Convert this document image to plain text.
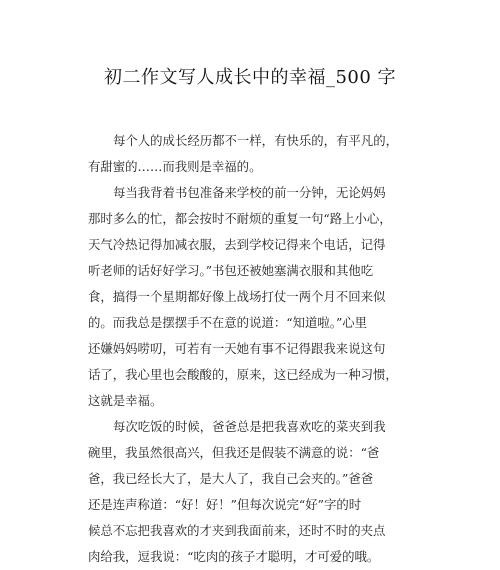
初二作文写人成长中的幸福_500 字
每个人的成长经历都不一样，有快乐的，有平凡的，
有甜蜜的……而我则是幸福的。
每当我背着书包准备来学校的前一分钟，无论妈妈
那时多么的忙，都会按时不耐烦的重复一句“路上小心，
天气冷热记得加减衣服，去到学校记得来个电话，记得
听老师的话好好学习。”书包还被她塞满衣服和其他吃
食，搞得一个星期都好像上战场打仗一两个月不回来似
的。而我总是摆摆手不在意的说道：“知道啦。”心里
还嫌妈妈唠叨，可若有一天她有事不记得跟我来说这句
话了，我心里也会酸酸的，原来，这已经成为一种习惯，
这就是幸福。
每次吃饭的时候，爸爸总是把我喜欢吃的菜夹到我
碗里，我虽然很高兴，但我还是假装不满意的说：“爸
爸，我已经长大了，是大人了，我自己会夹的。”爸爸
还是连声称道：“好！好！”但每次说完“好”字的时
候总不忘把我喜欢的才夹到我面前来，还时不时的夹点
肉给我，逗我说：“吃肉的孩子才聪明，才可爱的哦。
